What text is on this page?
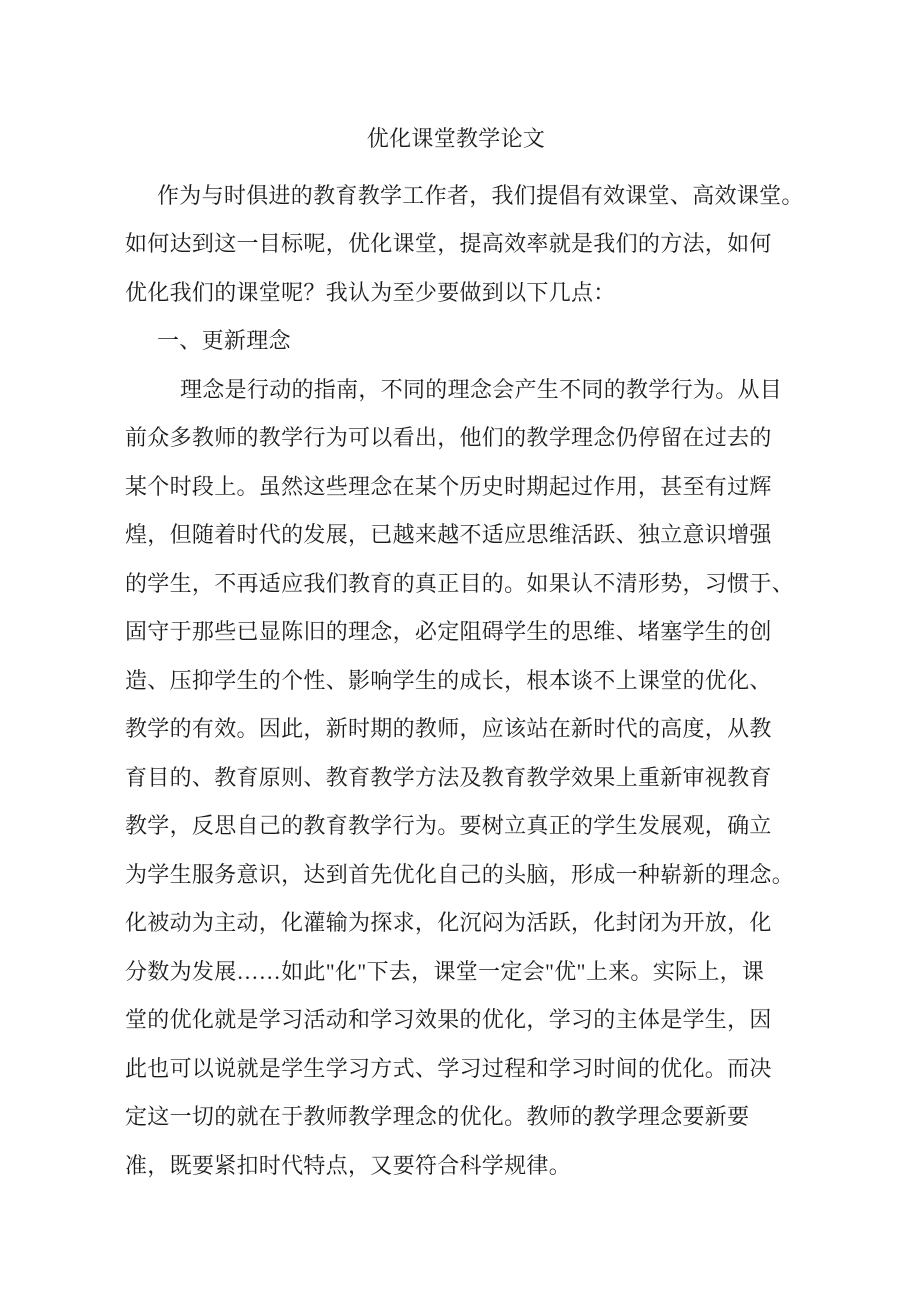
优化课堂教学论文
作为与时俱进的教育教学工作者，我们提倡有效课堂、高效课堂。
如何达到这一目标呢，优化课堂，提高效率就是我们的方法，如何
优化我们的课堂呢？我认为至少要做到以下几点：
一、更新理念
理念是行动的指南，不同的理念会产生不同的教学行为。从目
前众多教师的教学行为可以看出，他们的教学理念仍停留在过去的
某个时段上。虽然这些理念在某个历史时期起过作用，甚至有过辉
煌，但随着时代的发展，已越来越不适应思维活跃、独立意识增强
的学生，不再适应我们教育的真正目的。如果认不清形势，习惯于、
固守于那些已显陈旧的理念，必定阻碍学生的思维、堵塞学生的创
造、压抑学生的个性、影响学生的成长，根本谈不上课堂的优化、
教学的有效。因此，新时期的教师，应该站在新时代的高度，从教
育目的、教育原则、教育教学方法及教育教学效果上重新审视教育
教学，反思自己的教育教学行为。要树立真正的学生发展观，确立
为学生服务意识，达到首先优化自己的头脑，形成一种崭新的理念。
化被动为主动，化灌输为探求，化沉闷为活跃，化封闭为开放，化
分数为发展……如此"化"下去，课堂一定会"优"上来。实际上，课
堂的优化就是学习活动和学习效果的优化，学习的主体是学生，因
此也可以说就是学生学习方式、学习过程和学习时间的优化。而决
定这一切的就在于教师教学理念的优化。教师的教学理念要新要
准，既要紧扣时代特点，又要符合科学规律。
